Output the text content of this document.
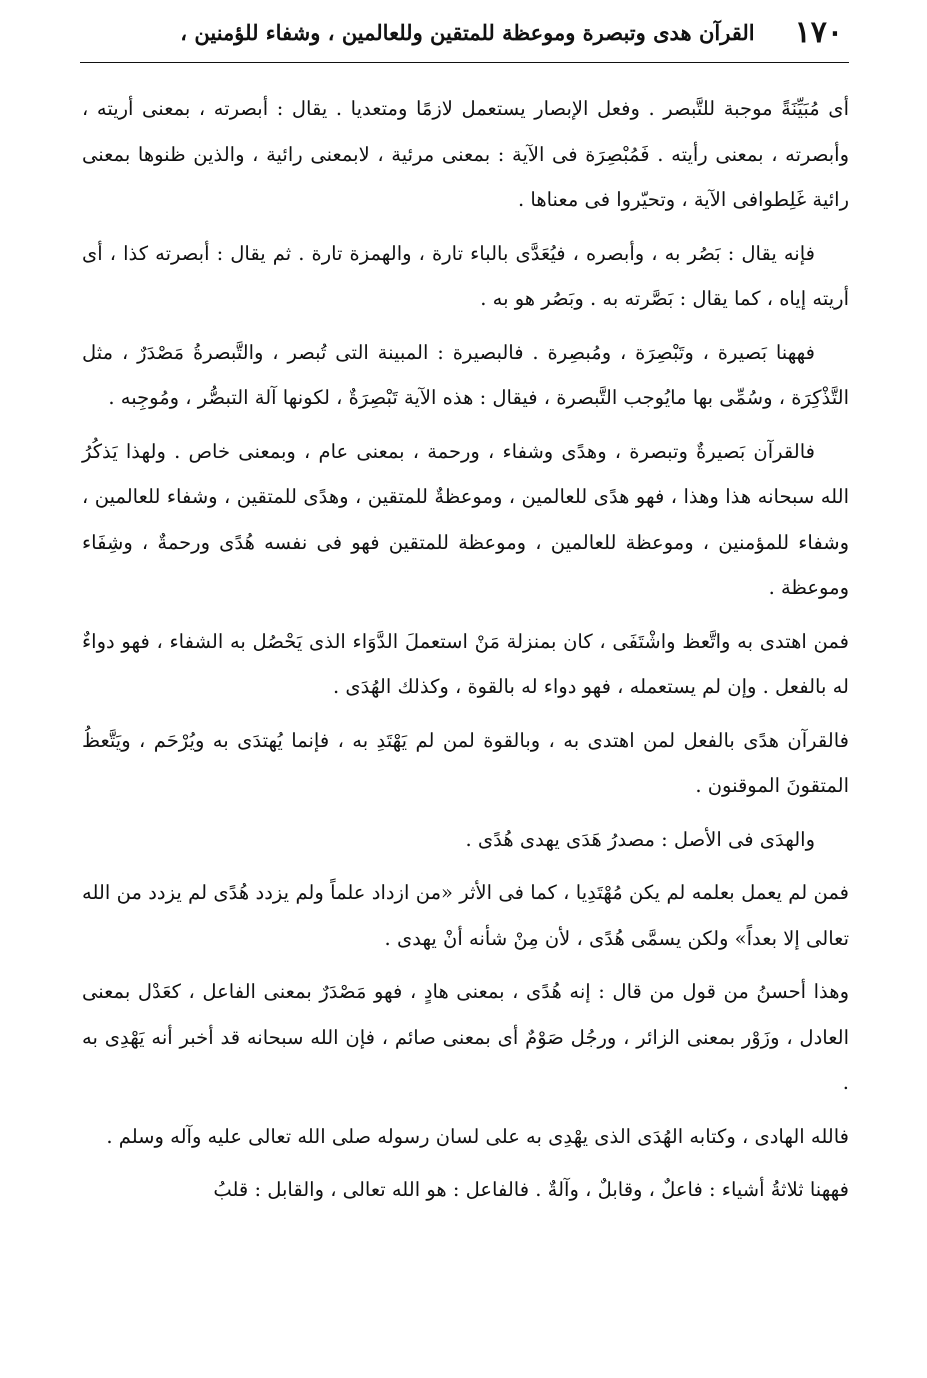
١٧٠
القرآن هدى وتبصرة وموعظة للمتقين وللعالمين ، وشفاء للؤمنين ،

أى مُبَيِّنَةً موجبة للتَّبصر . وفعل الإبصار يستعمل لازمًا ومتعديا . يقال : أبصرته ، بمعنى أريته ، وأبصرته ، بمعنى رأيته . فَمُبْصِرَة فى الآية : بمعنى مرئية ، لابمعنى رائية ، والذين ظنوها بمعنى رائية غَلِطوافى الآية ، وتحيّروا فى معناها .

فإنه يقال : بَصُر به ، وأبصره ، فيُعَدَّى بالباء تارة ، والهمزة تارة . ثم يقال : أبصرته كذا ، أى أريته إياه ، كما يقال : بَصَّرته به . وبَصُر هو به .

فههنا بَصيرة ، وتَبْصِرَة ، ومُبصِرة . فالبصيرة : المبينة التى تُبصر ، والتَّبصرةُ مَصْدَرٌ ، مثل التَّذْكِرَة ، وسُمِّى بها مايُوجب التَّبصرة ، فيقال : هذه الآية تَبْصِرَةٌ ، لكونها آلة التبصُّر ، ومُوجِبه .

فالقرآن بَصيرةٌ وتبصرة ، وهدًى وشفاء ، ورحمة ، بمعنى عام ، وبمعنى خاص . ولهذا يَذكُرُ الله سبحانه هذا وهذا ، فهو هدًى للعالمين ، وموعظةٌ للمتقين ، وهدًى للمتقين ، وشفاء للعالمين ، وشفاء للمؤمنين ، وموعظة للعالمين ، وموعظة للمتقين فهو فى نفسه هُدًى ورحمةٌ ، وشِفَاء وموعظة .

فمن اهتدى به واتَّعظ واشْتَفَى ، كان بمنزلة مَنْ استعملَ الدَّوَاء الذى يَحْصُل به الشفاء ، فهو دواءٌ له بالفعل . وإن لم يستعمله ، فهو دواء له بالقوة ، وكذلك الهُدَى .

فالقرآن هدًى بالفعل لمن اهتدى به ، وبالقوة لمن لم يَهْتَدِ به ، فإنما يُهتدَى به ويُرْحَم ، ويَتَّعظُ المتقونَ الموقنون .

والهدَى فى الأصل : مصدرُ هَدَى يهدى هُدًى .

فمن لم يعمل بعلمه لم يكن مُهْتَدِيا ، كما فى الأثر «من ازداد علماً ولم يزدد هُدًى لم يزدد من الله تعالى إلا بعداً» ولكن يسمَّى هُدًى ، لأن مِنْ شأنه أنْ يهدى .

وهذا أحسنُ من قول من قال : إنه هُدًى ، بمعنى هادٍ ، فهو مَصْدَرٌ بمعنى الفاعل ، كعَدْل بمعنى العادل ، وزَوْر بمعنى الزائر ، ورجُل صَوْمٌ أى بمعنى صائم ، فإن الله سبحانه قد أخبر أنه يَهْدِى به .

فالله الهادى ، وكتابه الهُدَى الذى يهْدِى به على لسان رسوله صلى الله تعالى عليه وآله وسلم .

فههنا ثلاثةُ أشياء : فاعلٌ ، وقابلٌ ، وآلةٌ . فالفاعل : هو الله تعالى ، والقابل : قلبُ
